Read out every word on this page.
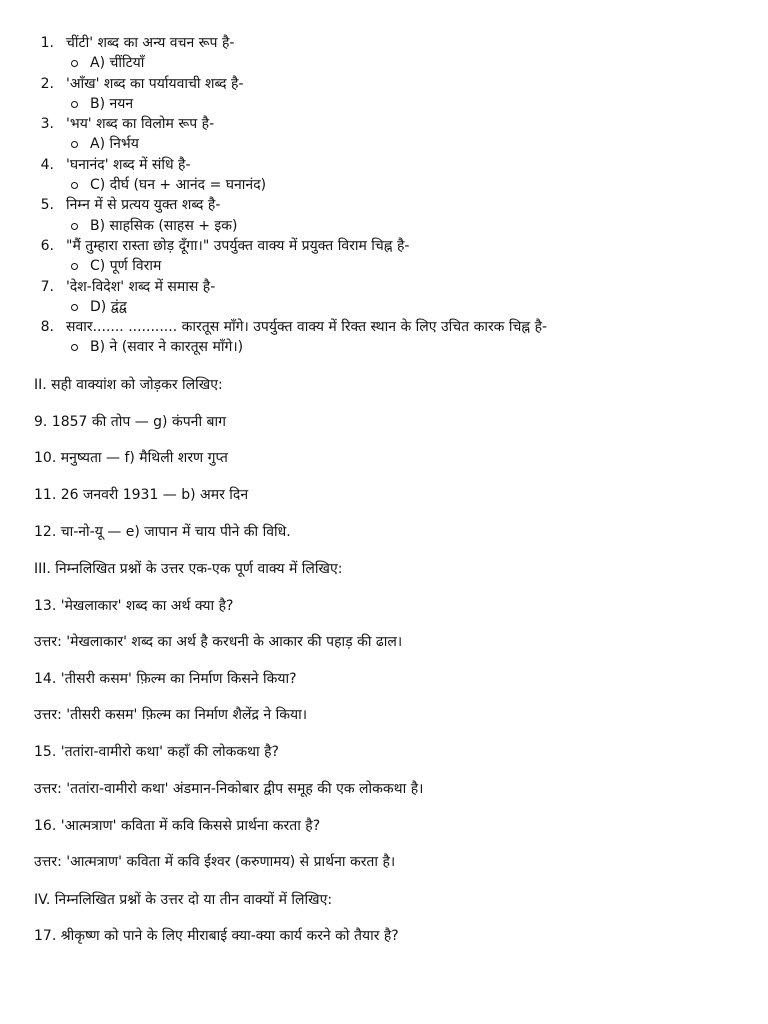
1. चींटी' शब्द का अन्य वचन रूप है-
A) चींटियाँ
2. 'आँख' शब्द का पर्यायवाची शब्द है-
B) नयन
3. 'भय' शब्द का विलोम रूप है-
A) निर्भय
4. 'घनानंद' शब्द में संधि है-
C) दीर्घ (घन + आनंद = घनानंद)
5. निम्न में से प्रत्यय युक्त शब्द है-
B) साहसिक (साहस + इक)
6. "मैं तुम्हारा रास्ता छोड़ दूँगा।" उपर्युक्त वाक्य में प्रयुक्त विराम चिह्न है-
C) पूर्ण विराम
7. 'देश-विदेश' शब्द में समास है-
D) द्वंद्व
8. सवार....... ........... कारतूस माँगे। उपर्युक्त वाक्य में रिक्त स्थान के लिए उचित कारक चिह्न है-
B) ने (सवार ने कारतूस माँगे।)
II. सही वाक्यांश को जोड़कर लिखिए:
9. 1857 की तोप — g) कंपनी बाग
10. मनुष्यता — f) मैथिली शरण गुप्त
11. 26 जनवरी 1931 — b) अमर दिन
12. चा-नो-यू — e) जापान में चाय पीने की विधि.
III. निम्नलिखित प्रश्नों के उत्तर एक-एक पूर्ण वाक्य में लिखिए:
13. 'मेखलाकार' शब्द का अर्थ क्या है?
उत्तर: 'मेखलाकार' शब्द का अर्थ है करधनी के आकार की पहाड़ की ढाल।
14. 'तीसरी कसम' फ़िल्म का निर्माण किसने किया?
उत्तर: 'तीसरी कसम' फ़िल्म का निर्माण शैलेंद्र ने किया।
15. 'ततांरा-वामीरो कथा' कहाँ की लोककथा है?
उत्तर: 'ततांरा-वामीरो कथा' अंडमान-निकोबार द्वीप समूह की एक लोककथा है।
16. 'आत्मत्राण' कविता में कवि किससे प्रार्थना करता है?
उत्तर: 'आत्मत्राण' कविता में कवि ईश्वर (करुणामय) से प्रार्थना करता है।
IV. निम्नलिखित प्रश्नों के उत्तर दो या तीन वाक्यों में लिखिए:
17. श्रीकृष्ण को पाने के लिए मीराबाई क्या-क्या कार्य करने को तैयार है?
